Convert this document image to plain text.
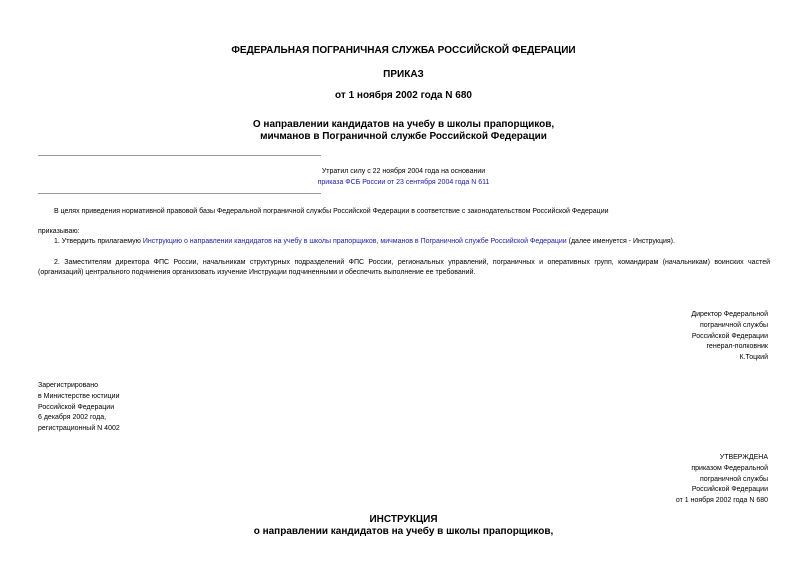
ФЕДЕРАЛЬНАЯ ПОГРАНИЧНАЯ СЛУЖБА РОССИЙСКОЙ ФЕДЕРАЦИИ
ПРИКАЗ
от 1 ноября 2002 года N 680
О направлении кандидатов на учебу в школы прапорщиков,
мичманов в Пограничной службе Российской Федерации
Утратил силу с 22 ноября 2004 года на основании
приказа ФСБ России от 23 сентября 2004 года N 611
В целях приведения нормативной правовой базы Федеральной пограничной службы Российской Федерации в соответствие с законодательством Российской Федерации
приказываю:
1. Утвердить прилагаемую Инструкцию о направлении кандидатов на учебу в школы прапорщиков, мичманов в Пограничной службе Российской Федерации (далее именуется - Инструкция).
2. Заместителям директора ФПС России, начальникам структурных подразделений ФПС России, региональных управлений, пограничных и оперативных групп, командирам (начальникам) воинских частей (организаций) центрального подчинения организовать изучение Инструкции подчиненными и обеспечить выполнение ее требований.
Директор Федеральной
пограничной службы
Российской Федерации
генерал-полковник
К.Тоцкий
Зарегистрировано
в Министерстве юстиции
Российской Федерации
6 декабря 2002 года,
регистрационный N 4002
УТВЕРЖДЕНА
приказом Федеральной
пограничной службы
Российской Федерации
от 1 ноября 2002 года N 680
ИНСТРУКЦИЯ
о направлении кандидатов на учебу в школы прапорщиков,
